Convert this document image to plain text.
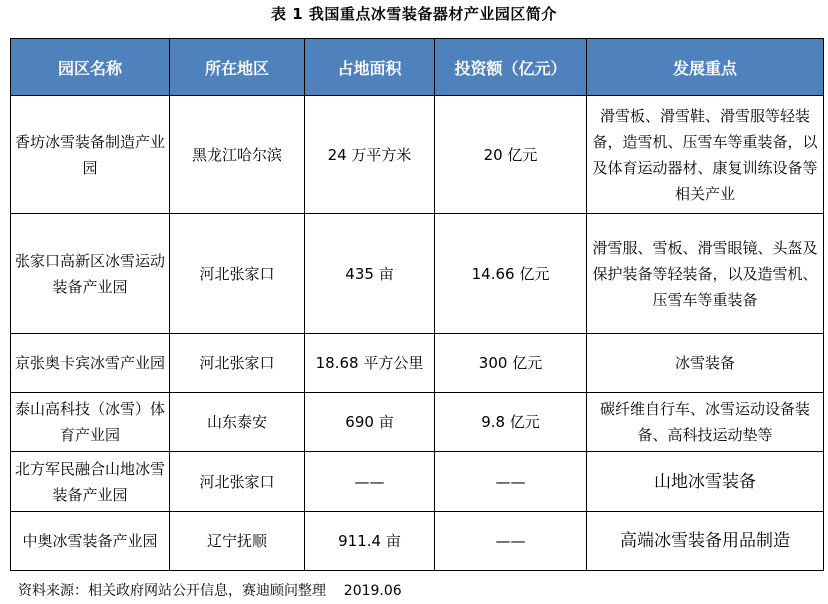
表 1 我国重点冰雪装备器材产业园区简介
园区名称	所在地区	占地面积	投资额（亿元）	发展重点
香坊冰雪装备制造产业园	黑龙江哈尔滨	24 万平方米	20 亿元	滑雪板、滑雪鞋、滑雪服等轻装备，造雪机、压雪车等重装备，以及体育运动器材、康复训练设备等相关产业
张家口高新区冰雪运动装备产业园	河北张家口	435 亩	14.66 亿元	滑雪服、雪板、滑雪眼镜、头盔及保护装备等轻装备，以及造雪机、压雪车等重装备
京张奥卡宾冰雪产业园	河北张家口	18.68 平方公里	300 亿元	冰雪装备
泰山高科技（冰雪）体育产业园	山东泰安	690 亩	9.8 亿元	碳纤维自行车、冰雪运动设备装备、高科技运动垫等
北方军民融合山地冰雪装备产业园	河北张家口	——	——	山地冰雪装备
中奥冰雪装备产业园	辽宁抚顺	911.4 亩	——	高端冰雪装备用品制造
资料来源：相关政府网站公开信息，赛迪顾问整理    2019.06
